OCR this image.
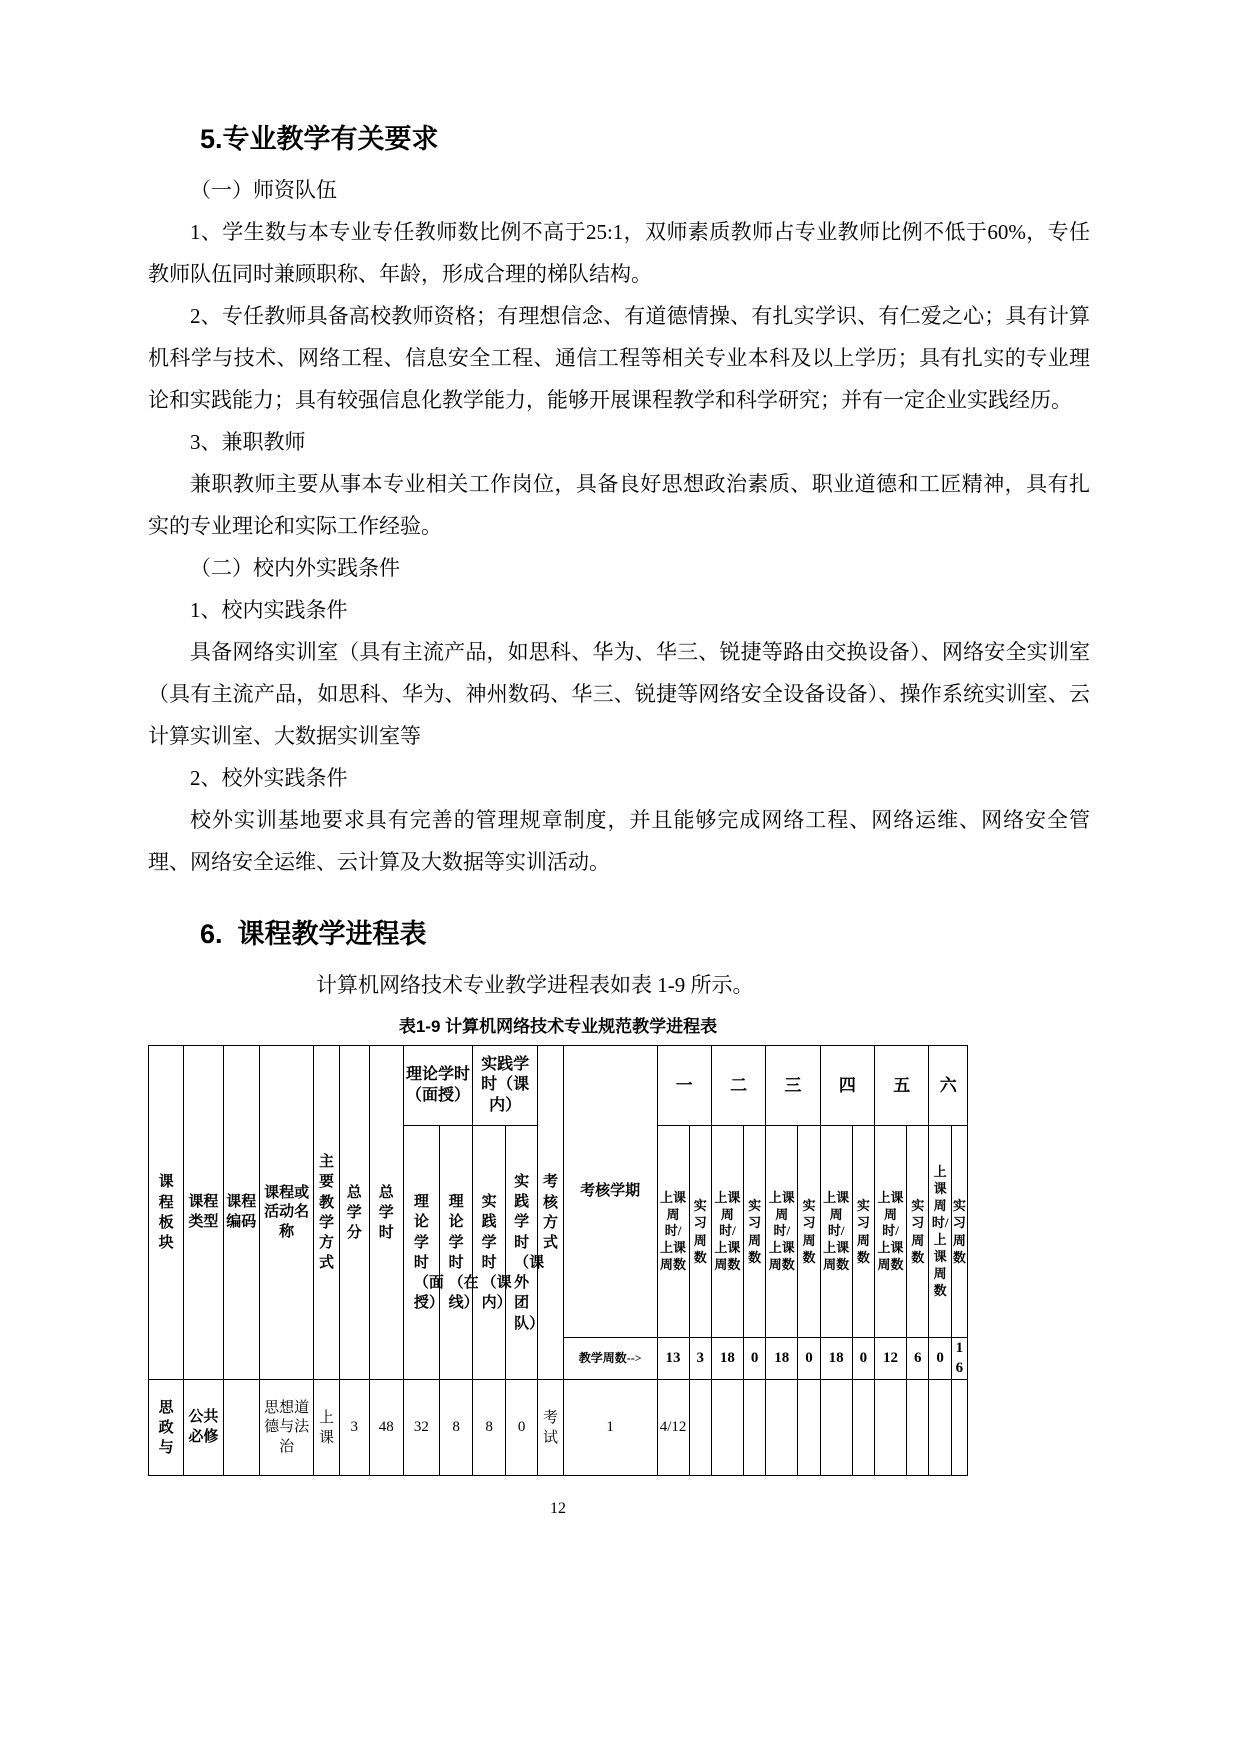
5.专业教学有关要求

（一）师资队伍

1、学生数与本专业专任教师数比例不高于25:1，双师素质教师占专业教师比例不低于60%，专任教师队伍同时兼顾职称、年龄，形成合理的梯队结构。

2、专任教师具备高校教师资格；有理想信念、有道德情操、有扎实学识、有仁爱之心；具有计算机科学与技术、网络工程、信息安全工程、通信工程等相关专业本科及以上学历；具有扎实的专业理论和实践能力；具有较强信息化教学能力，能够开展课程教学和科学研究；并有一定企业实践经历。

3、兼职教师

兼职教师主要从事本专业相关工作岗位，具备良好思想政治素质、职业道德和工匠精神，具有扎实的专业理论和实际工作经验。

（二）校内外实践条件

1、校内实践条件

具备网络实训室（具有主流产品，如思科、华为、华三、锐捷等路由交换设备）、网络安全实训室（具有主流产品，如思科、华为、神州数码、华三、锐捷等网络安全设备设备）、操作系统实训室、云计算实训室、大数据实训室等

2、校外实践条件

校外实训基地要求具有完善的管理规章制度，并且能够完成网络工程、网络运维、网络安全管理、网络安全运维、云计算及大数据等实训活动。

6.  课程教学进程表

计算机网络技术专业教学进程表如表 1-9 所示。

表1-9 计算机网络技术专业规范教学进程表
课程板块	课程类型	课程编码	课程或活动名称	主要教学方式	总学分	总学时	理论学时（面授）		实践学时（课内）		考核方式	考核学期	一		二		三		四		五		六	
							理论学时（面授）	理论学时（在线）	实践学时（课内）	实践学时（课外团队）			上课周时/上课周数	实习周数	上课周时/上课周数	实习周数	上课周时/上课周数	实习周数	上课周时/上课周数	实习周数	上课周时/上课周数	实习周数	上课周时/上课周数	实习周数
												教学周数-->	13	3	18	0	18	0	18	0	12	6	0	16
思政与	公共必修		思想道德与法治	上课	3	48	32	8	8	0	考试	1	4/12											
12
